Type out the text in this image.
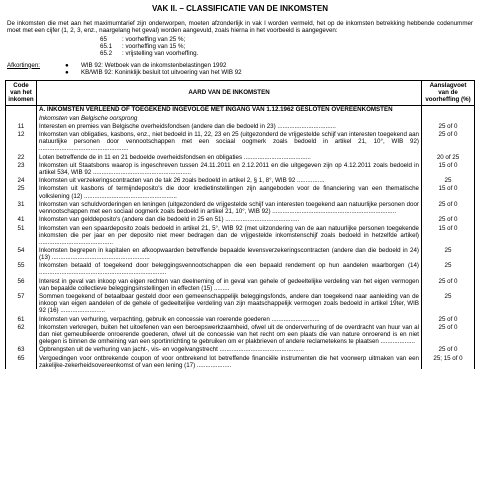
VAK II. – CLASSIFICATIE VAN DE INKOMSTEN
De inkomsten die met aan het maximumtarief zijn onderworpen, moeten afzonderlijk in vak I worden vermeld, het op de inkomsten betrekking hebbende codenummer moet met een cijfer (1, 2, 3, enz., naargelang het geval) worden aangevuld, zoals hierna in het voorbeeld is aangegeven:
65 : voorheffing van 25 %;
65.1 : voorheffing van 15 %;
65.2 : vrijstelling van voorheffing.
Afkortingen:	●	WIB 92: Wetboek van de inkomstenbelastingen 1992
●	KB/WIB 92: Koninklijk besluit tot uitvoering van het WIB 92
Code van het inkomen	AARD VAN DE INKOMSTEN	Aanslagvoet van de voorheffing (%)
	A. INKOMSTEN VERLEEND OF TOEGEKEND INGEVOLGE MET INGANG VAN 1.12.1962 GESLOTEN OVEREENKOMSTEN	
	Inkomsten van Belgische oorsprong	
11	Interesten en premies van Belgische overheidsfondsen (andere dan die bedoeld in 23) ..................................	25 of 0
12	Inkomsten van obligaties, kasbons, enz., niet bedoeld in 11, 22, 23 en 25 (uitgezonderd de vrijgestelde schijf van interesten toegekend aan natuurlijke personen door vennootschappen met een sociaal oogmerk zoals bedoeld in artikel 21, 10°, WIB 92) ....................................................	25 of 0
22	Loten betreffende de in 11 en 21 bedoelde overheidsfondsen en obligaties .......................................	20 of 25
23	Inkomsten uit Staatsbons waarop is ingeschreven tussen 24.11.2011 en 2.12.2011 en die uitgegeven zijn op 4.12.2011 zoals bedoeld in artikel 534, WIB 92 .........................................................	15 of 0
24	Inkomsten uit verzekeringscontracten van de tak 26 zoals bedoeld in artikel 2, § 1, 8°, WIB 92 ................	25
25	Inkomsten uit kasbons of termijndeposito's die door kredietinstellingen zijn aangeboden voor de financiering van een thematische volkslening (12) ......................................................	15 of 0
31	Inkomsten van schuldvorderingen en leningen (uitgezonderd de vrijgestelde schijf van interesten toegekend aan natuurlijke personen door vennootschappen met een sociaal oogmerk zoals bedoeld in artikel 21, 10°, WIB 92) ........................................................................	25 of 0
41	Inkomsten van gelddeposito's (andere dan die bedoeld in 25 en 51) ...........................................	25 of 0
51	Inkomsten van een spaardeposito zoals bedoeld in artikel 21, 5°, WIB 92 (met uitzondering van de aan natuurlijke personen toegekende inkomsten die per jaar en per deposito niet meer bedragen dan de vrijgestelde inkomstenschijf zoals bedoeld in hetzelfde artikel) ...........................................	15 of 0
54	Inkomsten begrepen in kapitalen en afkoopwaarden betreffende bepaalde levensverzekeringscontracten (andere dan die bedoeld in 24) (13) .........................................................	25
55	Inkomsten betaald of toegekend door beleggingsvennootschappen die een bepaald rendement op hun aandelen waarborgen (14) ..........................................................................	25
56	Interest in geval van inkoop van eigen rechten van deelneming of in geval van gehele of gedeeltelijke verdeling van het eigen vermogen van bepaalde collectieve beleggingsinstellingen in effecten (15) .........	25 of 0
57	Sommen toegekend of betaalbaar gesteld door een gemeenschappelijk beleggingsfonds, andere dan toegekend naar aanleiding van de inkoop van eigen aandelen of de gehele of gedeeltelijke verdeling van zijn maatschappelijk vermogen zoals bedoeld in artikel 19ter, WIB 92 (16) ..........................	25
61	Inkomsten van verhuring, verpachting, gebruik en concessie van roerende goederen ............................	25 of 0
62	Inkomsten verkregen, buiten het uitoefenen van een beroepswerkzaamheid, ofwel uit de onderverhuring of de overdracht van huur van al dan niet gemeubileerde onroerende goederen, ofwel uit de concessie van het recht om een plaats die van nature onroerend is en niet gelegen is binnen de omheining van een sportinrichting te gebruiken om er plakbrieven of andere reclametekens te plaatsen ....................	25 of 0
63	Opbrengsten uit de verhuring van jacht-, vis- en vogelvangstrecht .................................................	25 of 0
65	Vergoedingen voor ontbrekende coupon of voor ontbrekend lot betreffende financiële instrumenten die het voorwerp uitmaken van een zakelijke-zekerheidsovereenkomst of van een lening (17) ....................	25; 15 of 0
